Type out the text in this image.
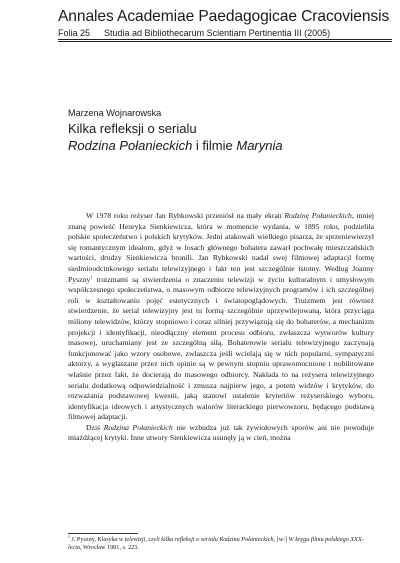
Annales Academiae Paedagogicae Cracoviensis
Folia 25 Studia ad Bibliothecarum Scientiam Pertinentia III (2005)
Marzena Wojnarowska
Kilka refleksji o serialu
Rodzina Połanieckich i filmie Marynia

W 1978 roku reżyser Jan Rybkowski przeniósł na mały ekran Rodzinę Połanieckich, mniej znaną powieść Henryka Sienkiewicza, która w momencie wydania, w 1895 roku, podzieliła polskie społeczeństwo i polskich krytyków. Jedni atakowali wielkiego pisarza, że sprzeniewierzył się romantycznym ideałom, gdyż w losach głównego bohatera zawarł pochwałę mieszczańskich wartości, drudzy Sienkiewicza bronili. Jan Rybkowski nadał swej filmowej adaptacji formę siedmioodcinkowego serialu telewizyjnego i fakt ten jest szczególnie istotny. Według Joanny Pyszny$^1$ truizmami są stwierdzenia o znaczeniu telewizji w życiu kulturalnym i umysłowym współczesnego społeczeństwa, o masowym odbiorze telewizyjnych programów i ich szczególnej roli w kształtowaniu pojęć estetycznych i światopoglądowych. Truizmem jest również stwierdzenie, że serial telewizyjny jest tu formą szczególnie uprzywilejowaną, która przyciąga miliony telewidzów, którzy stopniowo i coraz silniej przywiązują się do bohaterów, a mechanizm projekcji i identyfikacji, nieodłączny element procesu odbioru, zwłaszcza wytworów kultury masowej, uruchamiany jest ze szczególną siłą. Bohaterowie serialu telewizyjnego zaczynają funkcjonować jako wzory osobowe, zwłaszcza jeśli wcielają się w nich popularni, sympatyczni aktorzy, a wygłaszane przez nich opinie są w pewnym stopniu uprawomocnione i nobilitowane właśnie przez fakt, że docierają do masowego odbiorcy. Nakłada to na reżysera telewizyjnego serialu dodatkową odpowiedzialność i zmusza najpierw jego, a potem widzów i krytyków, do rozważania podstawowej kwestii, jaką stanowi ustalenie kryteriów reżyserskiego wyboru, identyfikacja ideowych i artystycznych walorów literackiego pierwowzoru, będącego podstawą filmowej adaptacji.

Dziś Rodzina Połanieckich nie wzbudza już tak żywiołowych sporów ani nie powoduje miażdżącej krytyki. Inne utwory Sienkiewicza usunęły ją w cień, można

$^1$ J. Pyszny, Klasyka w telewizji, czyli kilka refleksji o serialu Rodzina Połanieckich, [w:] W kręgu filmu polskiego XXX-lecia, Wrocław 1981, s. 223.
